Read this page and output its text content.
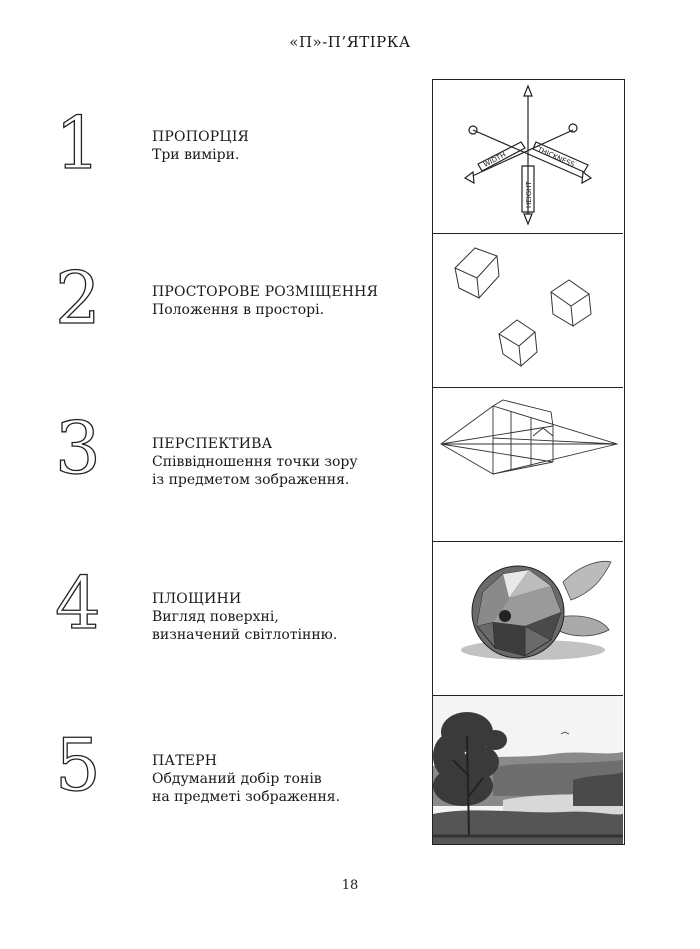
«П»-П’ЯТІРКА
1	ПРОПОРЦІЯ
Три виміри.
2	ПРОСТОРОВЕ РОЗМІЩЕННЯ
Положення в просторі.
3	ПЕРСПЕКТИВА
Співвідношення точки зору
із предметом зображення.
4	ПЛОЩИНИ
Вигляд поверхні,
визначений світлотінню.
5	ПАТЕРН
Обдуманий добір тонів
на предметі зображення.
WIDTH	THICKNESS
HEIGHT
18
